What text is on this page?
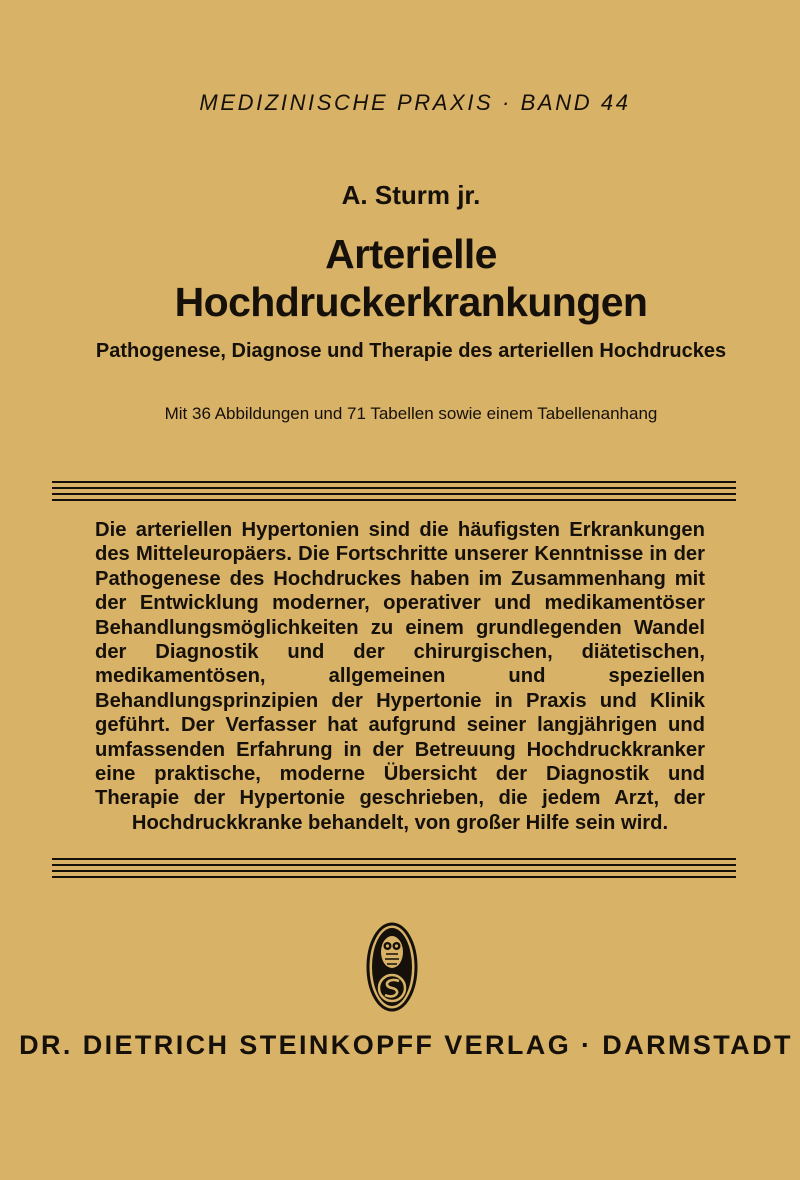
MEDIZINISCHE PRAXIS · BAND 44
A. Sturm jr.
Arterielle
Hochdruckerkrankungen
Pathogenese, Diagnose und Therapie des arteriellen Hochdruckes
Mit 36 Abbildungen und 71 Tabellen sowie einem Tabellenanhang
Die arteriellen Hypertonien sind die häufigsten Erkrankungen des Mitteleuropäers. Die Fortschritte unserer Kenntnisse in der Pathogenese des Hochdruckes haben im Zusammenhang mit der Entwicklung moderner, operativer und medikamentöser Behandlungsmöglichkeiten zu einem grundlegenden Wandel der Diagnostik und der chirurgischen, diätetischen, medikamentösen, allgemeinen und speziellen Behandlungsprinzipien der Hypertonie in Praxis und Klinik geführt. Der Verfasser hat aufgrund seiner langjährigen und umfassenden Erfahrung in der Betreuung Hochdruckkranker eine praktische, moderne Übersicht der Diagnostik und Therapie der Hypertonie geschrieben, die jedem Arzt, der Hochdruckkranke behandelt, von großer Hilfe sein wird.
DR. DIETRICH STEINKOPFF VERLAG · DARMSTADT
